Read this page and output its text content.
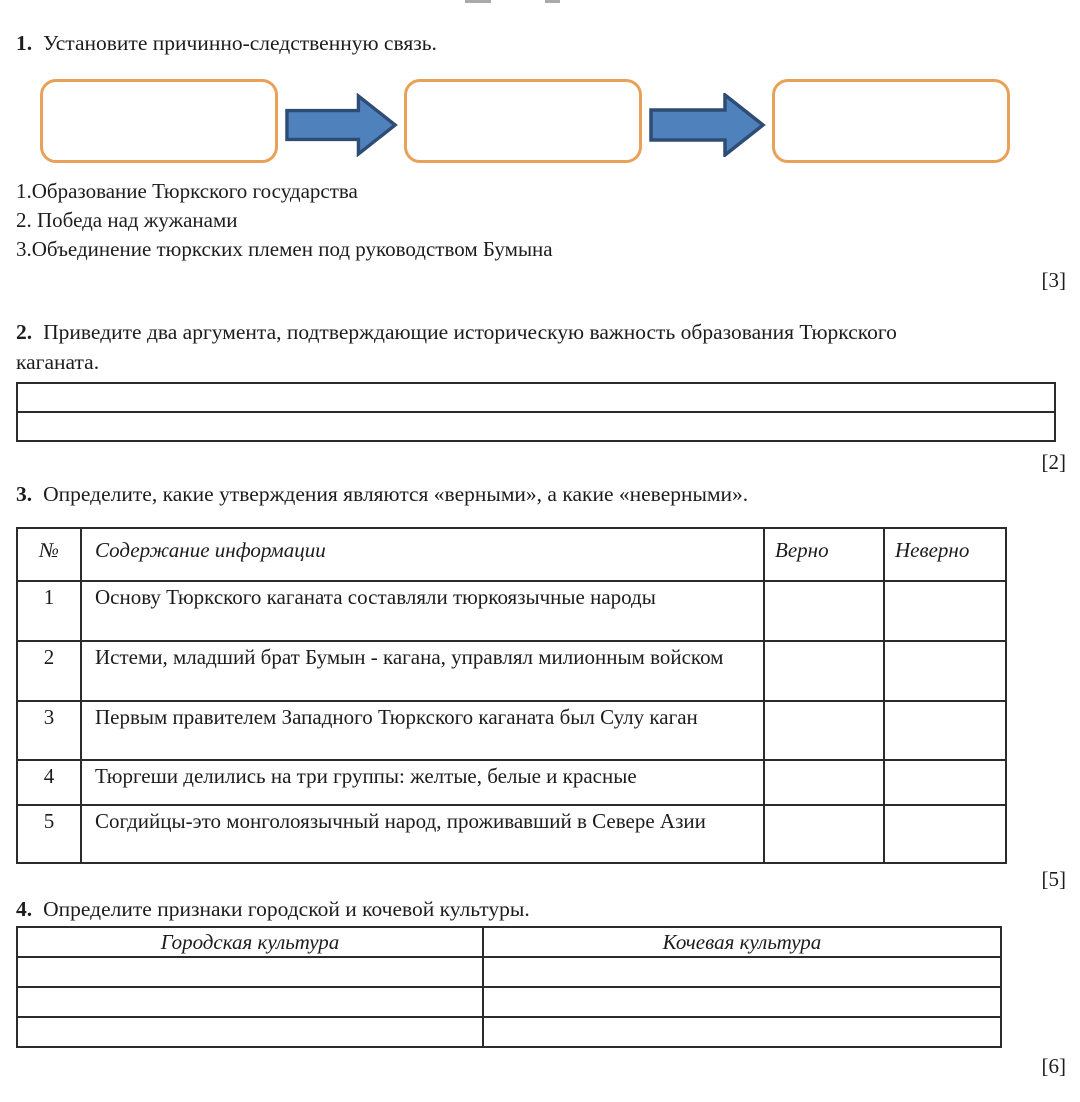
1. Установите причинно-следственную связь.

1.Образование Тюркского государства

2. Победа над жужанами

3.Объединение тюркских племен под руководством Бумына

[3]

2. Приведите два аргумента, подтверждающие историческую важность образования Тюркского каганата.

[2]

3. Определите, какие утверждения являются «верными», а какие «неверными».

№	Содержание информации	Верно	Неверно
1	Основу Тюркского каганата составляли тюркоязычные народы		
2	Истеми, младший брат Бумын - кагана, управлял милионным войском		
3	Первым правителем Западного Тюркского каганата был Сулу каган		
4	Тюргеши делились на три группы: желтые, белые и красные		
5	Согдийцы-это монголоязычный народ, проживавший в Севере Азии		
[5]

4. Определите признаки городской и кочевой культуры.

Городская культура	Кочевая культура

[6]
